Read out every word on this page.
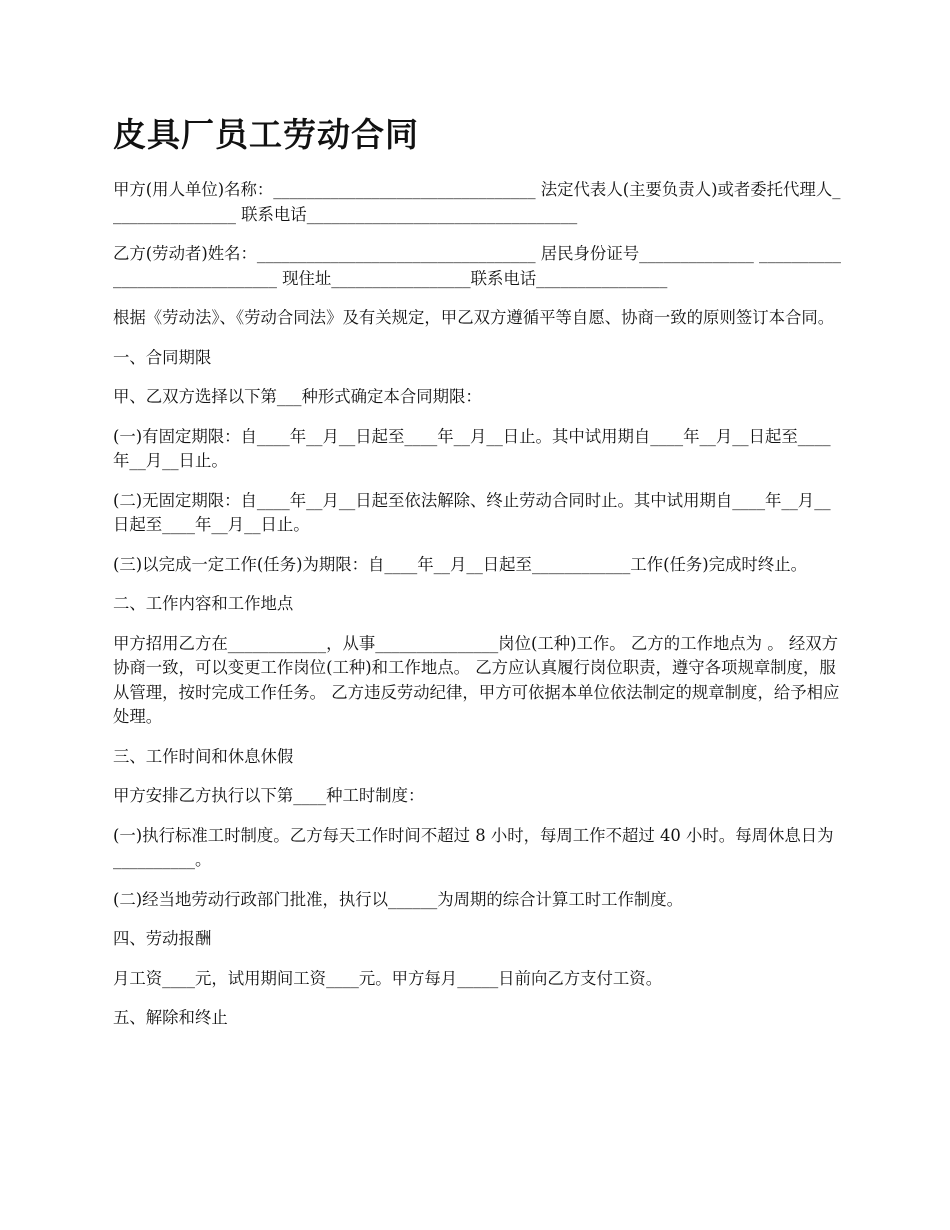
皮具厂员工劳动合同

甲方(用人单位)名称：________________________________ 法定代表人(主要负责人)或者委托代理人________________ 联系电话_________________________________

乙方(劳动者)姓名：__________________________________ 居民身份证号______________ ______________________________ 现住址_________________联系电话________________

根据《劳动法》、《劳动合同法》及有关规定，甲乙双方遵循平等自愿、协商一致的原则签订本合同。

一、合同期限

甲、乙双方选择以下第___种形式确定本合同期限：

(一)有固定期限：自____年__月__日起至____年__月__日止。其中试用期自____年__月__日起至____年__月__日止。

(二)无固定期限：自____年__月__日起至依法解除、终止劳动合同时止。其中试用期自____年__月__日起至____年__月__日止。

(三)以完成一定工作(任务)为期限：自____年__月__日起至____________工作(任务)完成时终止。

二、工作内容和工作地点

甲方招用乙方在____________，从事_______________岗位(工种)工作。 乙方的工作地点为 。 经双方协商一致，可以变更工作岗位(工种)和工作地点。 乙方应认真履行岗位职责，遵守各项规章制度，服从管理，按时完成工作任务。 乙方违反劳动纪律，甲方可依据本单位依法制定的规章制度，给予相应处理。

三、工作时间和休息休假

甲方安排乙方执行以下第____种工时制度：

(一)执行标准工时制度。乙方每天工作时间不超过 8 小时，每周工作不超过 40 小时。每周休息日为__________。

(二)经当地劳动行政部门批准，执行以______为周期的综合计算工时工作制度。

四、劳动报酬

月工资____元，试用期间工资____元。甲方每月_____日前向乙方支付工资。

五、解除和终止
